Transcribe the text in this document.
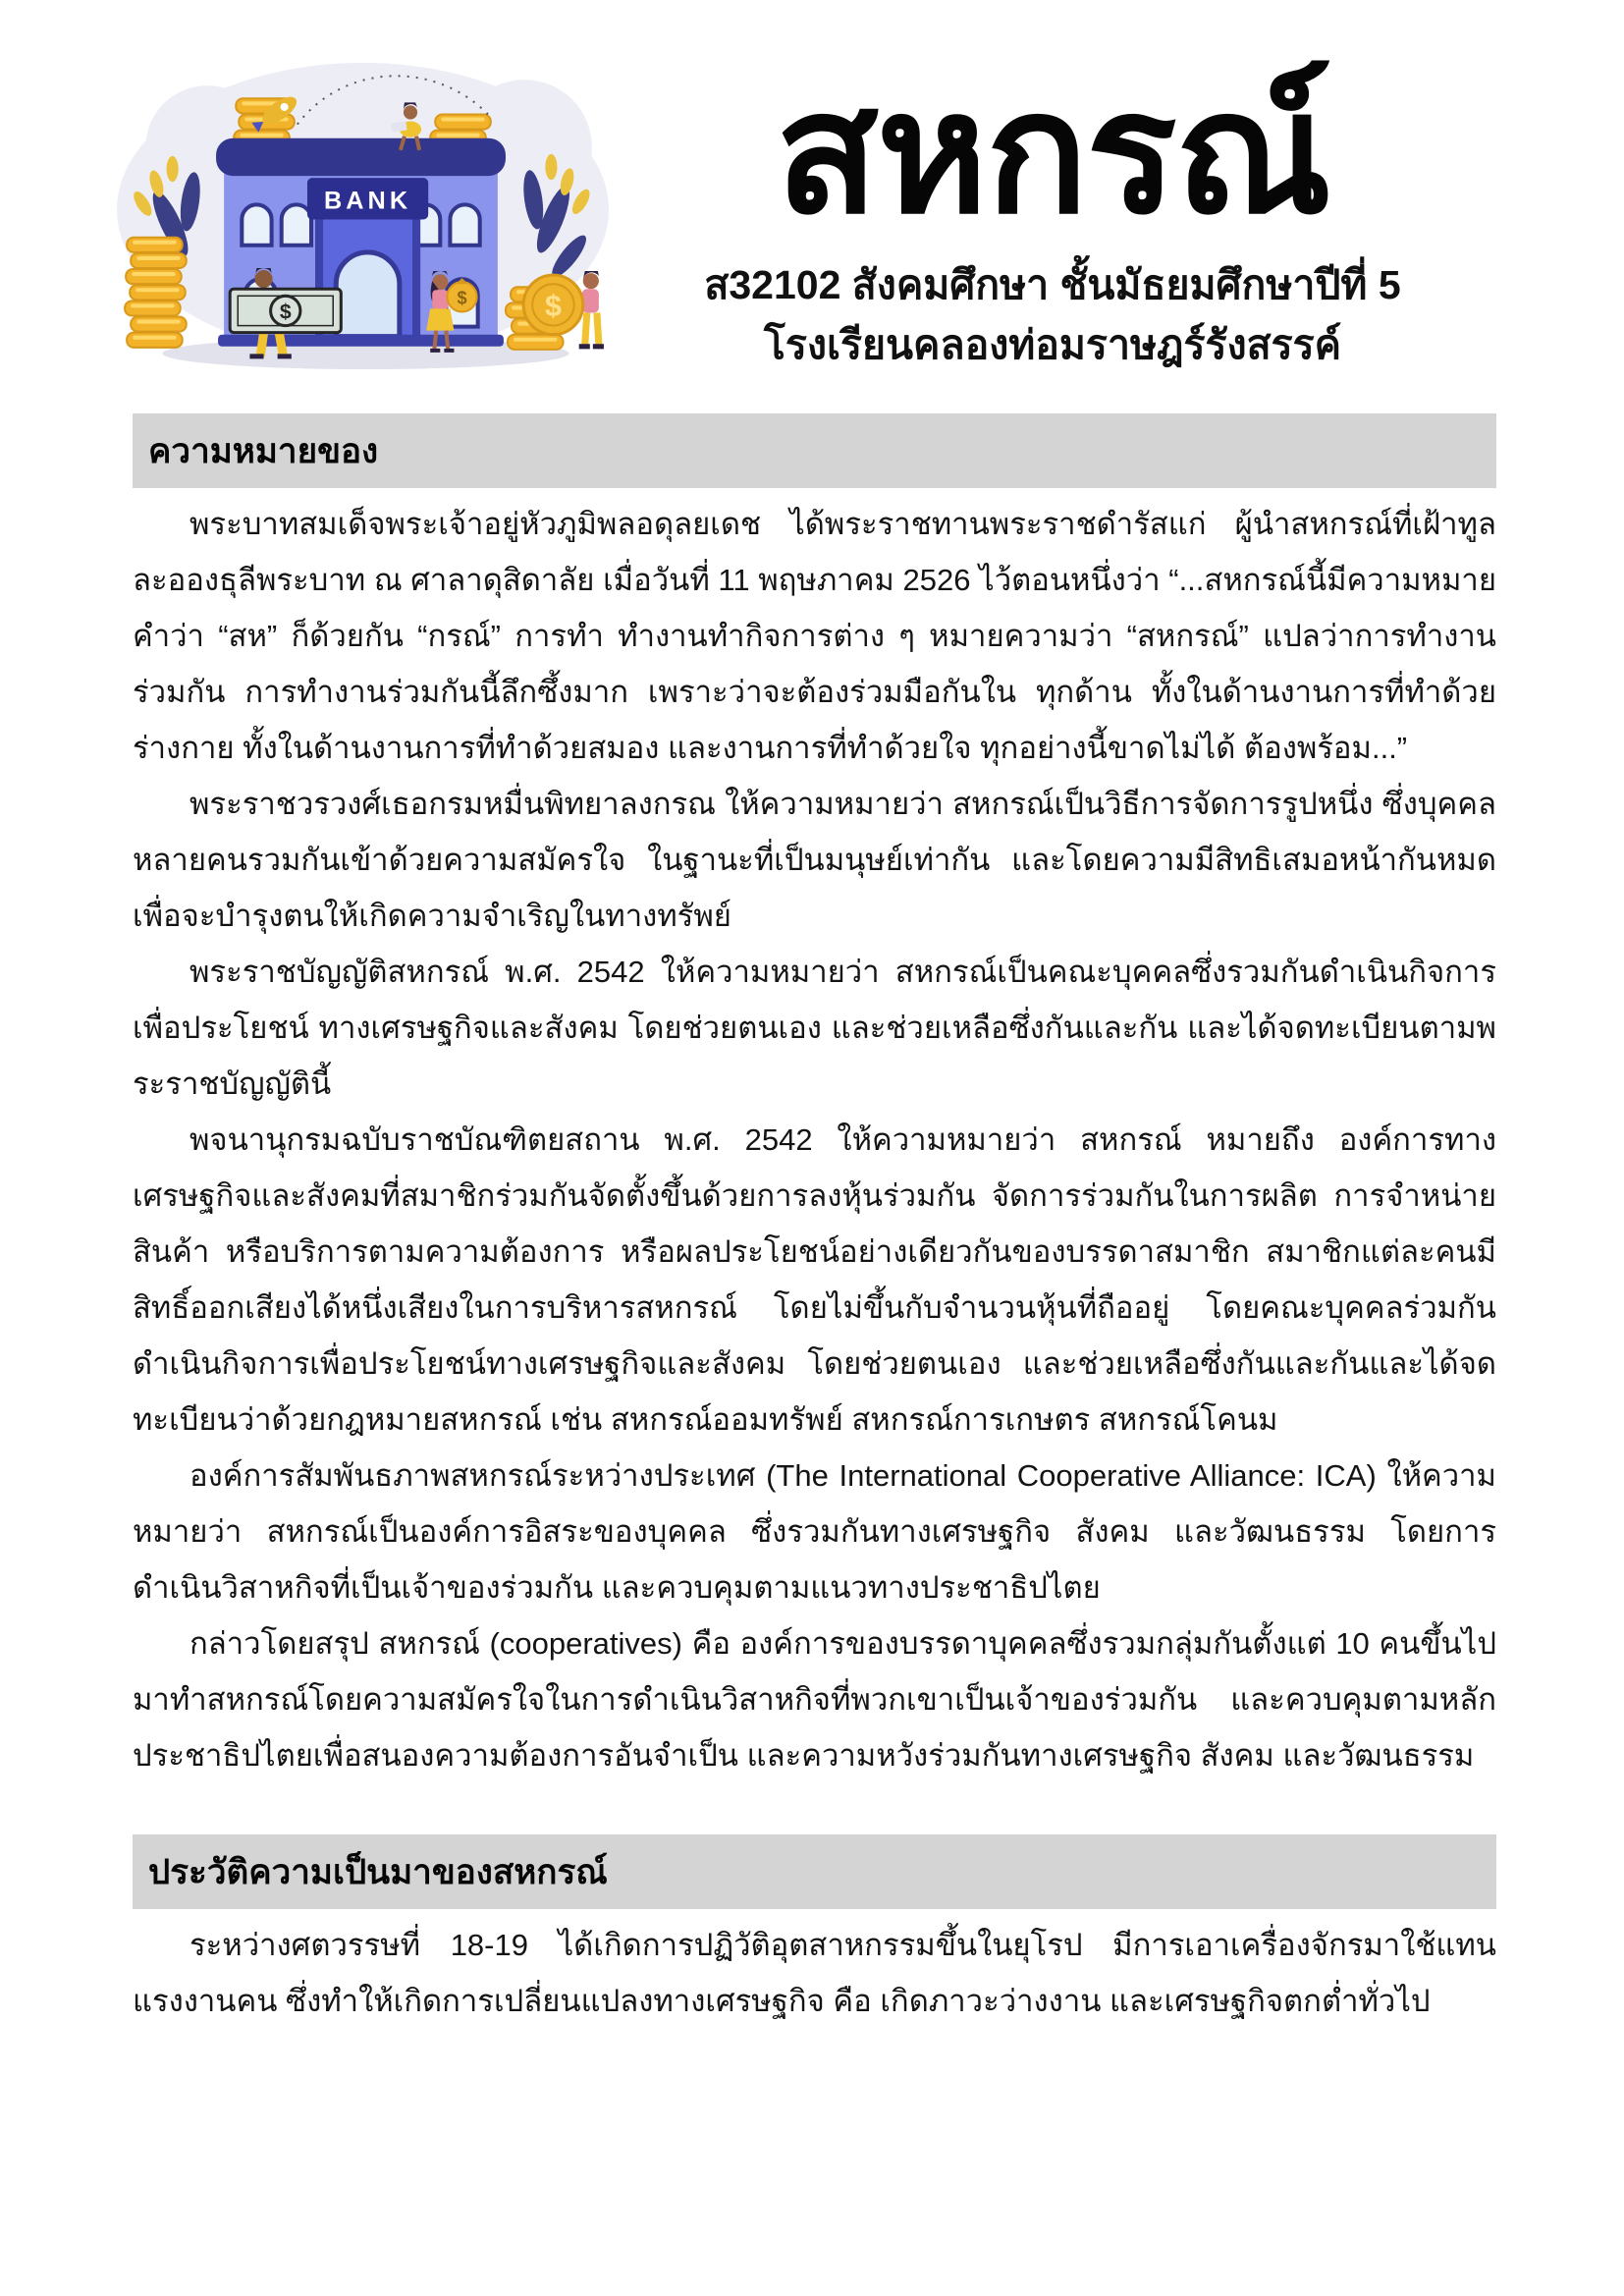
BANK
$
$	$
สหกรณ์

ส32102 สังคมศึกษา ชั้นมัธยมศึกษาปีที่ 5

โรงเรียนคลองท่อมราษฎร์รังสรรค์

ความหมายของ

พระบาทสมเด็จพระเจ้าอยู่หัวภูมิพลอดุลยเดช ได้พระราชทานพระราชดำรัสแก่ ผู้นำสหกรณ์ที่เฝ้าทูลละอองธุลีพระบาท ณ ศาลาดุสิดาลัย เมื่อวันที่ 11 พฤษภาคม 2526 ไว้ตอนหนึ่งว่า “...สหกรณ์นี้มีความหมาย คำว่า “สห” ก็ด้วยกัน “กรณ์” การทำ ทำงานทำกิจการต่าง ๆ หมายความว่า “สหกรณ์” แปลว่าการทำงานร่วมกัน การทำงานร่วมกันนี้ลึกซึ้งมาก เพราะว่าจะต้องร่วมมือกันใน ทุกด้าน ทั้งในด้านงานการที่ทำด้วยร่างกาย ทั้งในด้านงานการที่ทำด้วยสมอง และงานการที่ทำด้วยใจ ทุกอย่างนี้ขาดไม่ได้ ต้องพร้อม...”

พระราชวรวงศ์เธอกรมหมื่นพิทยาลงกรณ ให้ความหมายว่า สหกรณ์เป็นวิธีการจัดการรูปหนึ่ง ซึ่งบุคคลหลายคนรวมกันเข้าด้วยความสมัครใจ ในฐานะที่เป็นมนุษย์เท่ากัน และโดยความมีสิทธิเสมอหน้ากันหมด เพื่อจะบำรุงตนให้เกิดความจำเริญในทางทรัพย์

พระราชบัญญัติสหกรณ์ พ.ศ. 2542 ให้ความหมายว่า สหกรณ์เป็นคณะบุคคลซึ่งรวมกันดำเนินกิจการเพื่อประโยชน์ ทางเศรษฐกิจและสังคม โดยช่วยตนเอง และช่วยเหลือซึ่งกันและกัน และได้จดทะเบียนตามพระราชบัญญัตินี้

พจนานุกรมฉบับราชบัณฑิตยสถาน พ.ศ. 2542 ให้ความหมายว่า สหกรณ์ หมายถึง องค์การทางเศรษฐกิจและสังคมที่สมาชิกร่วมกันจัดตั้งขึ้นด้วยการลงหุ้นร่วมกัน จัดการร่วมกันในการผลิต การจำหน่ายสินค้า หรือบริการตามความต้องการ หรือผลประโยชน์อย่างเดียวกันของบรรดาสมาชิก สมาชิกแต่ละคนมีสิทธิ์ออกเสียงได้หนึ่งเสียงในการบริหารสหกรณ์ โดยไม่ขึ้นกับจำนวนหุ้นที่ถืออยู่ โดยคณะบุคคลร่วมกันดำเนินกิจการเพื่อประโยชน์ทางเศรษฐกิจและสังคม โดยช่วยตนเอง และช่วยเหลือซึ่งกันและกันและได้จดทะเบียนว่าด้วยกฎหมายสหกรณ์ เช่น สหกรณ์ออมทรัพย์ สหกรณ์การเกษตร สหกรณ์โคนม

องค์การสัมพันธภาพสหกรณ์ระหว่างประเทศ (The International Cooperative Alliance: ICA) ให้ความหมายว่า สหกรณ์เป็นองค์การอิสระของบุคคล ซึ่งรวมกันทางเศรษฐกิจ สังคม และวัฒนธรรม โดยการดำเนินวิสาหกิจที่เป็นเจ้าของร่วมกัน และควบคุมตามแนวทางประชาธิปไตย

กล่าวโดยสรุป สหกรณ์ (cooperatives) คือ องค์การของบรรดาบุคคลซึ่งรวมกลุ่มกันตั้งแต่ 10 คนขึ้นไปมาทำสหกรณ์โดยความสมัครใจในการดำเนินวิสาหกิจที่พวกเขาเป็นเจ้าของร่วมกัน และควบคุมตามหลักประชาธิปไตยเพื่อสนองความต้องการอันจำเป็น และความหวังร่วมกันทางเศรษฐกิจ สังคม และวัฒนธรรม

ประวัติความเป็นมาของสหกรณ์

ระหว่างศตวรรษที่ 18-19 ได้เกิดการปฏิวัติอุตสาหกรรมขึ้นในยุโรป มีการเอาเครื่องจักรมาใช้แทนแรงงานคน ซึ่งทำให้เกิดการเปลี่ยนแปลงทางเศรษฐกิจ คือ เกิดภาวะว่างงาน และเศรษฐกิจตกต่ำทั่วไป
